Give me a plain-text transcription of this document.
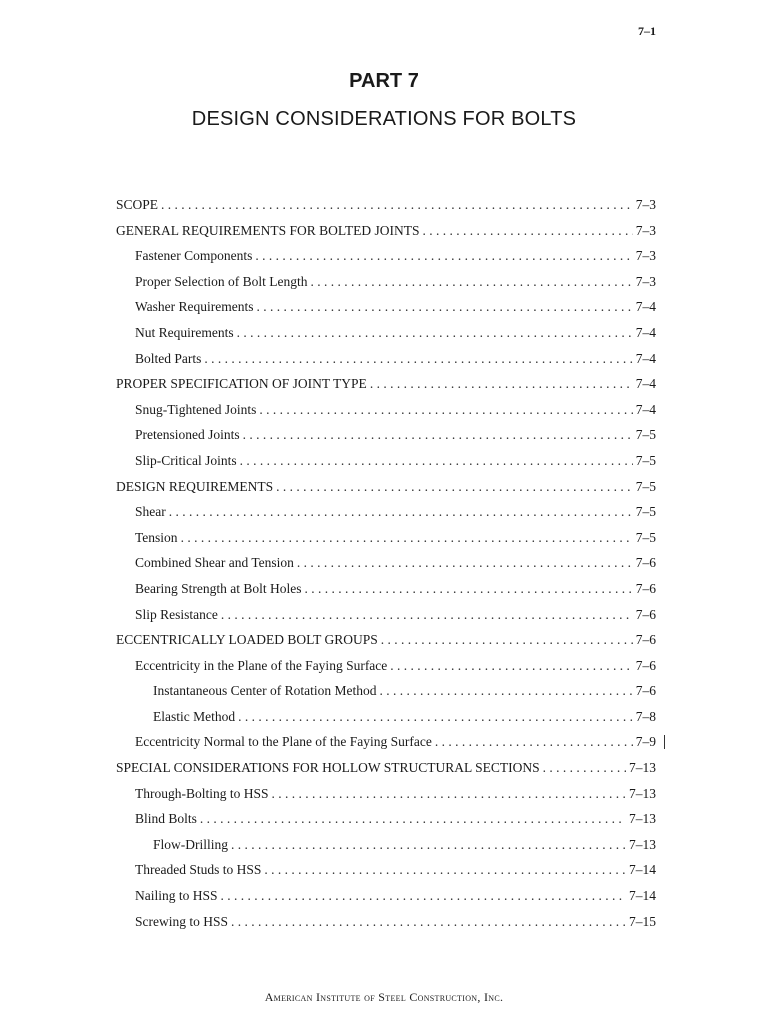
7–1
PART 7
DESIGN CONSIDERATIONS FOR BOLTS
SCOPE . . .	7–3
GENERAL REQUIREMENTS FOR BOLTED JOINTS . . .	7–3
Fastener Components . . .	7–3
Proper Selection of Bolt Length . . .	7–3
Washer Requirements . . .	7–4
Nut Requirements . . .	7–4
Bolted Parts . . .	7–4
PROPER SPECIFICATION OF JOINT TYPE . . .	7–4
Snug-Tightened Joints . . .	7–4
Pretensioned Joints . . .	7–5
Slip-Critical Joints . . .	7–5
DESIGN REQUIREMENTS . . .	7–5
Shear . . .	7–5
Tension . . .	7–5
Combined Shear and Tension . . .	7–6
Bearing Strength at Bolt Holes . . .	7–6
Slip Resistance . . .	7–6
ECCENTRICALLY LOADED BOLT GROUPS . . .	7–6
Eccentricity in the Plane of the Faying Surface . . .	7–6
Instantaneous Center of Rotation Method . . .	7–6
Elastic Method . . .	7–8
Eccentricity Normal to the Plane of the Faying Surface . . .	7–9
SPECIAL CONSIDERATIONS FOR HOLLOW STRUCTURAL SECTIONS . . .	7–13
Through-Bolting to HSS . . .	7–13
Blind Bolts . . .	7–13
Flow-Drilling . . .	7–13
Threaded Studs to HSS . . .	7–14
Nailing to HSS . . .	7–14
Screwing to HSS . . .	7–15
American Institute of Steel Construction, Inc.
